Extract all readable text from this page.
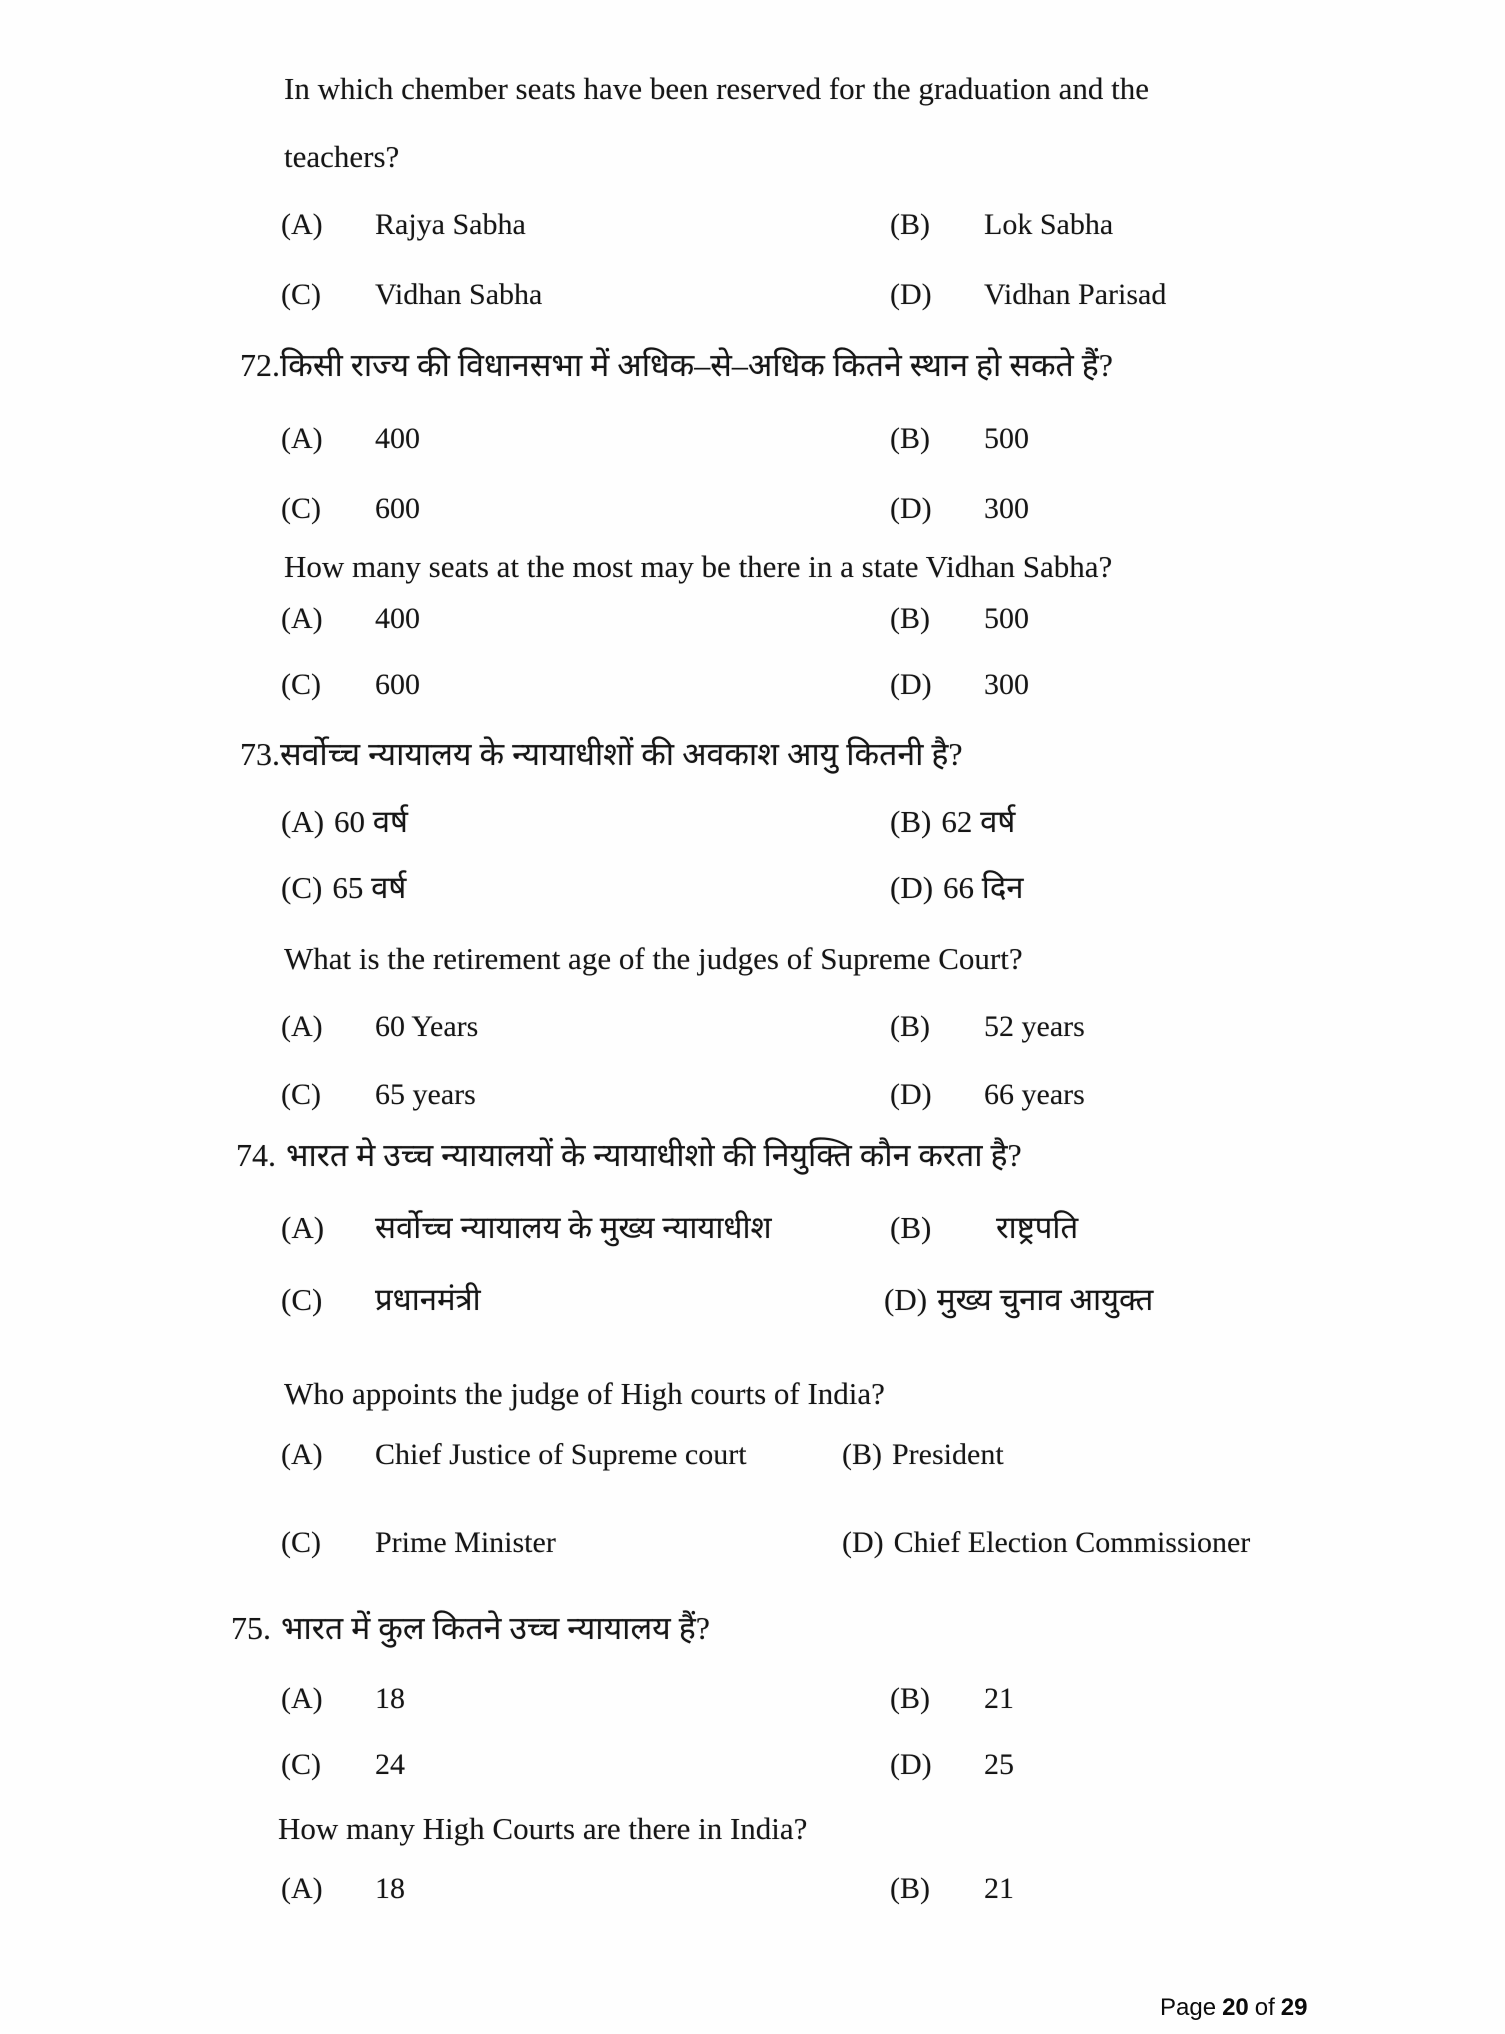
In which chember seats have been reserved for the graduation and the
teachers?
(A) Rajya Sabha	(B) Lok Sabha
(C) Vidhan Sabha	(D) Vidhan Parisad
72.किसी राज्य की विधानसभा में अधिक–से–अधिक कितने स्थान हो सकते हैं?
(A) 400	(B) 500
(C) 600	(D) 300
How many seats at the most may be there in a state Vidhan Sabha?
(A) 400	(B) 500
(C) 600	(D) 300
73.सर्वोच्च न्यायालय के न्यायाधीशों की अवकाश आयु कितनी है?
(A) 60 वर्ष	(B) 62 वर्ष
(C) 65 वर्ष	(D) 66 दिन
What is the retirement age of the judges of Supreme Court?
(A) 60 Years	(B) 52 years
(C) 65 years	(D) 66 years
74. भारत मे उच्च न्यायालयों के न्यायाधीशो की नियुक्ति कौन करता है?
(A) सर्वोच्च न्यायालय के मुख्य न्यायाधीश	(B) राष्ट्रपति
(C) प्रधानमंत्री	(D) मुख्य चुनाव आयुक्त
Who appoints the judge of High courts of India?
(A) Chief Justice of Supreme court	(B) President
(C) Prime Minister	(D) Chief Election Commissioner
75. भारत में कुल कितने उच्च न्यायालय हैं?
(A) 18	(B) 21
(C) 24	(D) 25
How many High Courts are there in India?
(A) 18	(B) 21
Page 20 of 29
